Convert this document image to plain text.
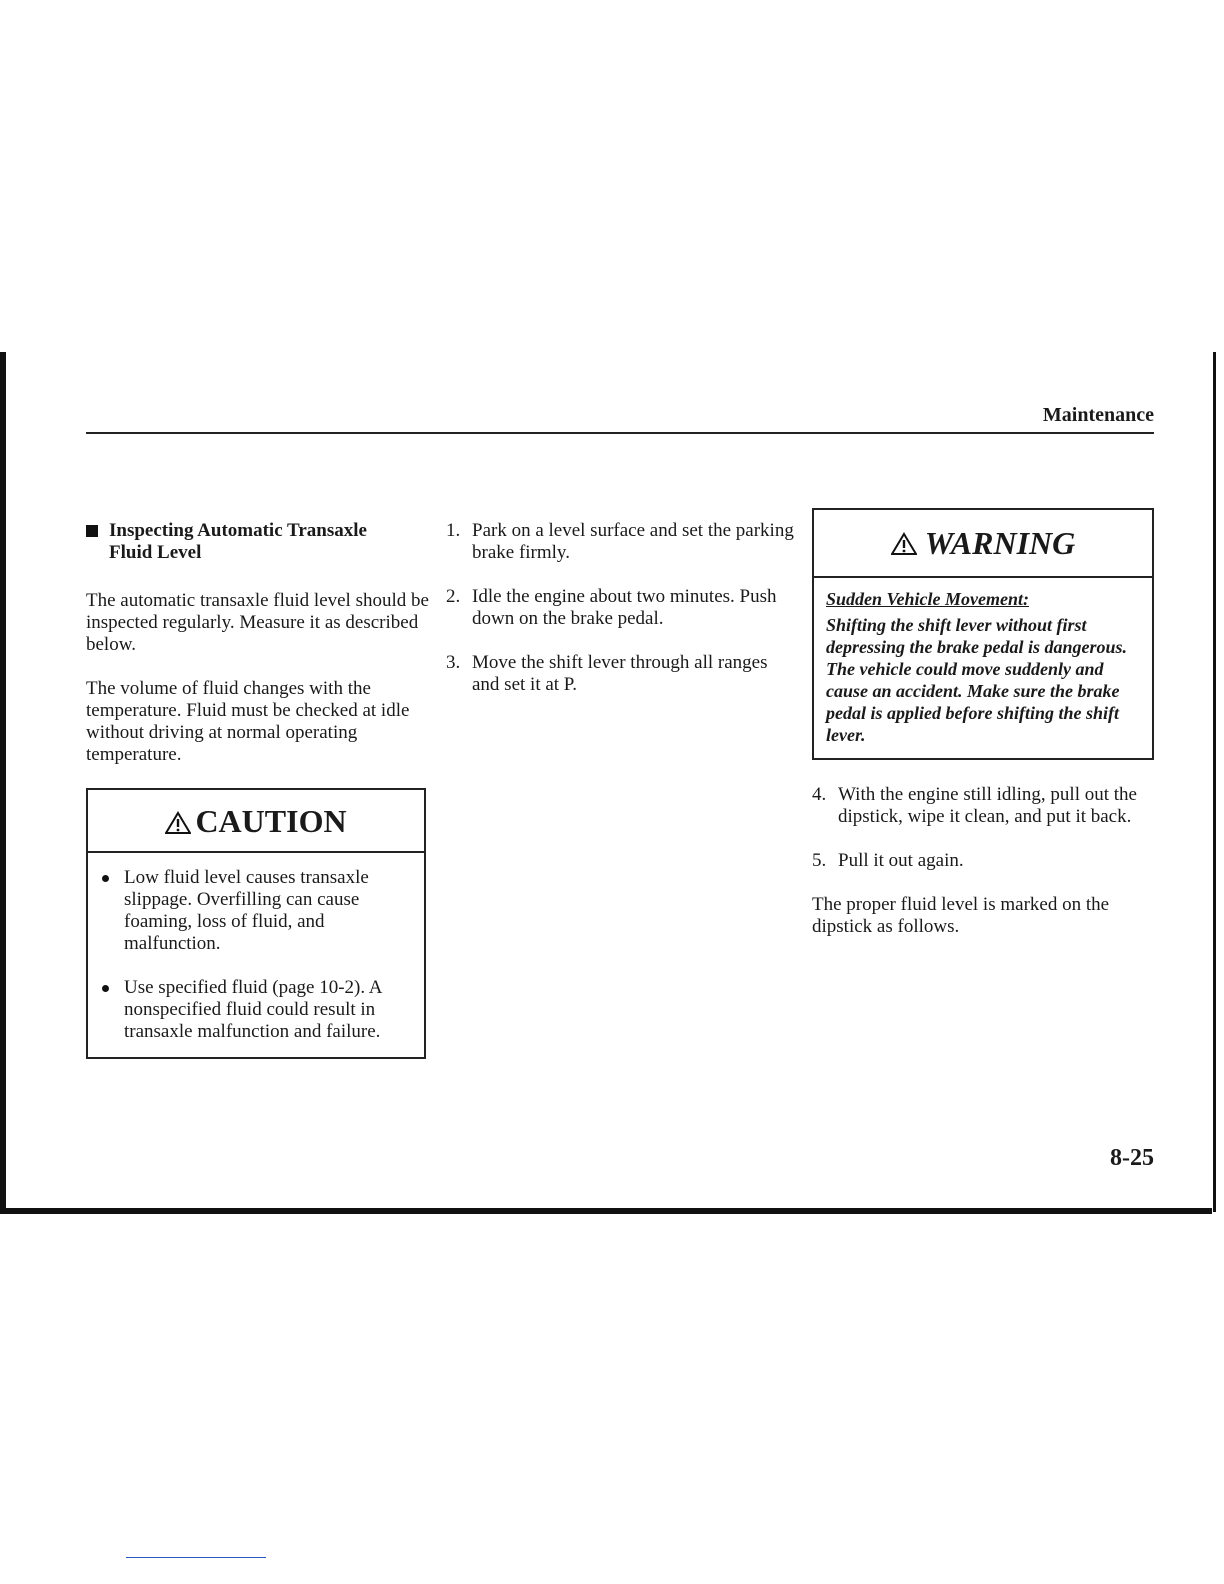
Maintenance

Inspecting Automatic Transaxle
Fluid Level

The automatic transaxle fluid level should be inspected regularly. Measure it as described below.

The volume of fluid changes with the temperature. Fluid must be checked at idle without driving at normal operating temperature.

CAUTION
Low fluid level causes transaxle slippage. Overfilling can cause foaming, loss of fluid, and malfunction.
Use specified fluid (page 10-2). A nonspecified fluid could result in transaxle malfunction and failure.
1. Park on a level surface and set the parking brake firmly.
2. Idle the engine about two minutes. Push down on the brake pedal.
3. Move the shift lever through all ranges and set it at P.
WARNING

Sudden Vehicle Movement:

Shifting the shift lever without first depressing the brake pedal is dangerous. The vehicle could move suddenly and cause an accident. Make sure the brake pedal is applied before shifting the shift lever.

4. With the engine still idling, pull out the dipstick, wipe it clean, and put it back.
5. Pull it out again.

The proper fluid level is marked on the dipstick as follows.

8-25
